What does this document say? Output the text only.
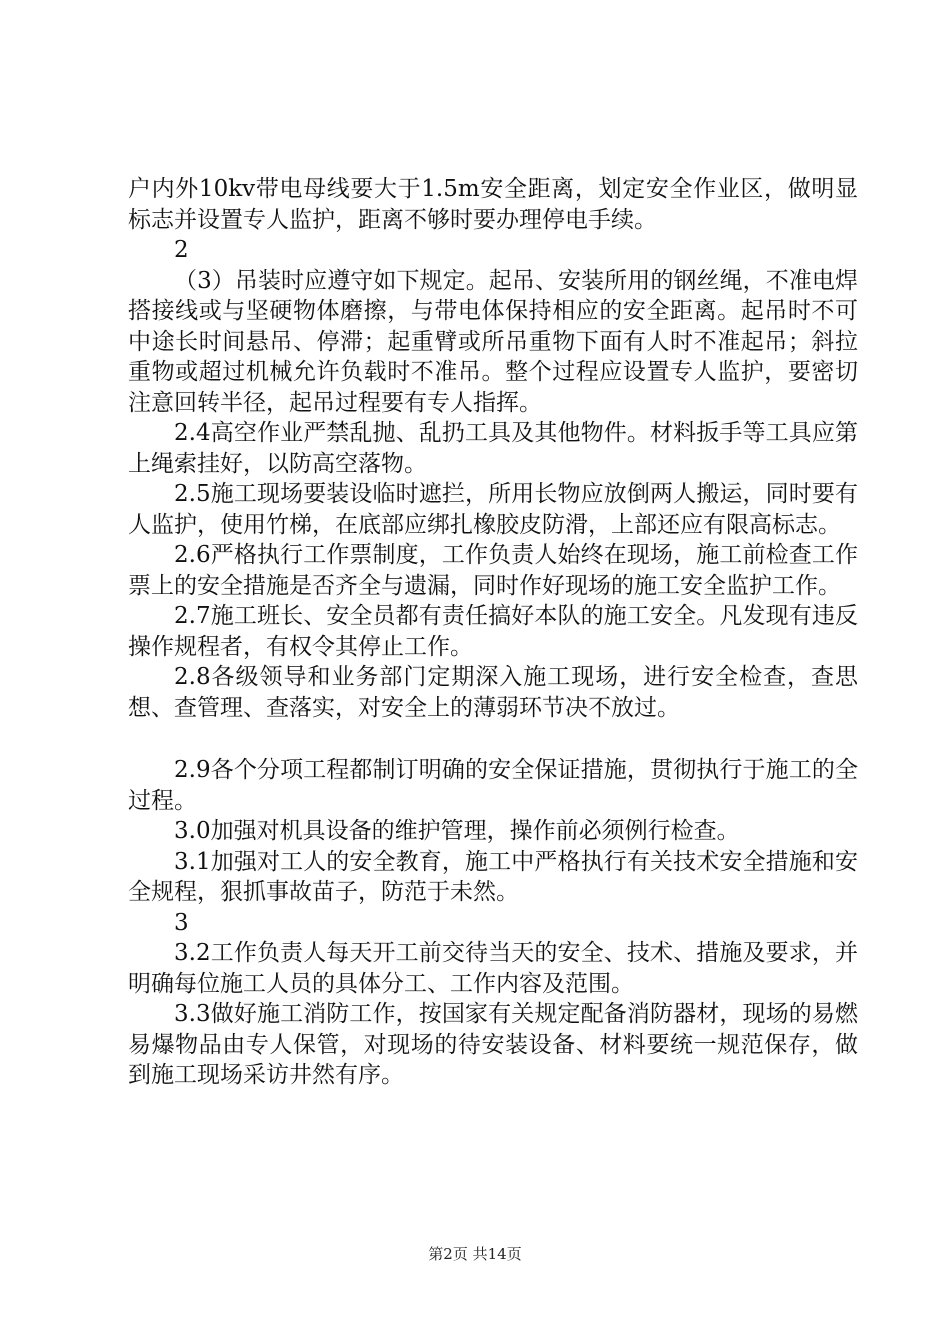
户内外10kv带电母线要大于1.5m安全距离，划定安全作业区，做明显标志并设置专人监护，距离不够时要办理停电手续。

2

（3）吊装时应遵守如下规定。起吊、安装所用的钢丝绳，不准电焊搭接线或与坚硬物体磨擦，与带电体保持相应的安全距离。起吊时不可中途长时间悬吊、停滞；起重臂或所吊重物下面有人时不准起吊；斜拉重物或超过机械允许负载时不准吊。整个过程应设置专人监护，要密切注意回转半径，起吊过程要有专人指挥。

2.4高空作业严禁乱抛、乱扔工具及其他物件。材料扳手等工具应第上绳索挂好，以防高空落物。

2.5施工现场要装设临时遮拦，所用长物应放倒两人搬运，同时要有人监护，使用竹梯，在底部应绑扎橡胶皮防滑，上部还应有限高标志。

2.6严格执行工作票制度，工作负责人始终在现场，施工前检查工作票上的安全措施是否齐全与遗漏，同时作好现场的施工安全监护工作。

2.7施工班长、安全员都有责任搞好本队的施工安全。凡发现有违反操作规程者，有权令其停止工作。

2.8各级领导和业务部门定期深入施工现场，进行安全检查，查思想、查管理、查落实，对安全上的薄弱环节决不放过。

2.9各个分项工程都制订明确的安全保证措施，贯彻执行于施工的全过程。

3.0加强对机具设备的维护管理，操作前必须例行检查。

3.1加强对工人的安全教育，施工中严格执行有关技术安全措施和安全规程，狠抓事故苗子，防范于未然。

3

3.2工作负责人每天开工前交待当天的安全、技术、措施及要求，并明确每位施工人员的具体分工、工作内容及范围。

3.3做好施工消防工作，按国家有关规定配备消防器材，现场的易燃易爆物品由专人保管，对现场的待安装设备、材料要统一规范保存，做到施工现场采访井然有序。

第2页 共14页
